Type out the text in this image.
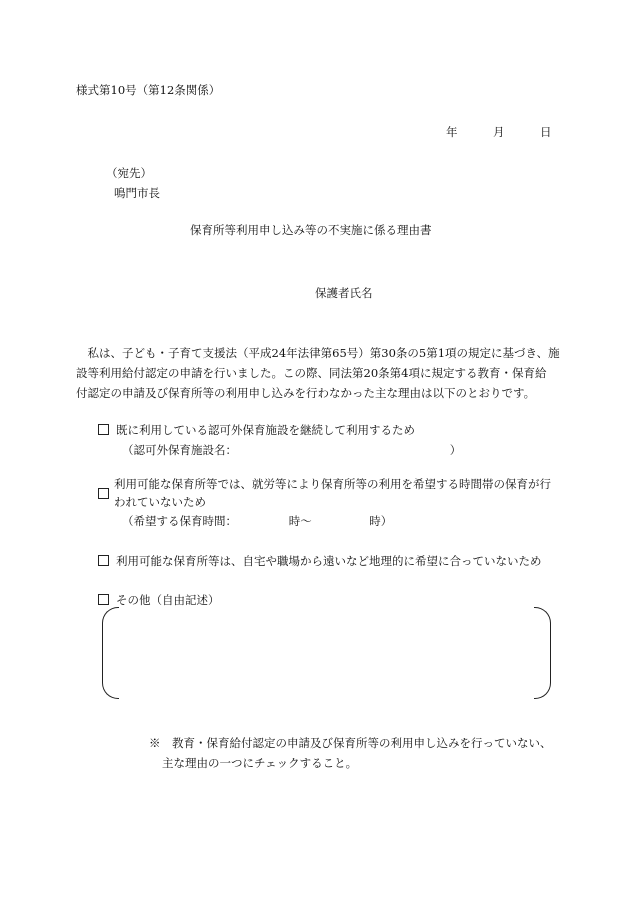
様式第10号（第12条関係）
年	月	日
（宛先）
鳴門市長
保育所等利用申し込み等の不実施に係る理由書
保護者氏名
　私は、子ども・子育て支援法（平成24年法律第65号）第30条の5第1項の規定に基づき、施
設等利用給付認定の申請を行いました。この際、同法第20条第4項に規定する教育・保育給
付認定の申請及び保育所等の利用申し込みを行わなかった主な理由は以下のとおりです。
既に利用している認可外保育施設を継続して利用するため
（認可外保育施設名：　　　　　　　　　　　　　　　　　　　）
利用可能な保育所等では、就労等により保育所等の利用を希望する時間帯の保育が行
われていないため
（希望する保育時間：　　　　　時～　　　　　時）
利用可能な保育所等は、自宅や職場から遠いなど地理的に希望に合っていないため
その他（自由記述）
※　教育・保育給付認定の申請及び保育所等の利用申し込みを行っていない、
主な理由の一つにチェックすること。
